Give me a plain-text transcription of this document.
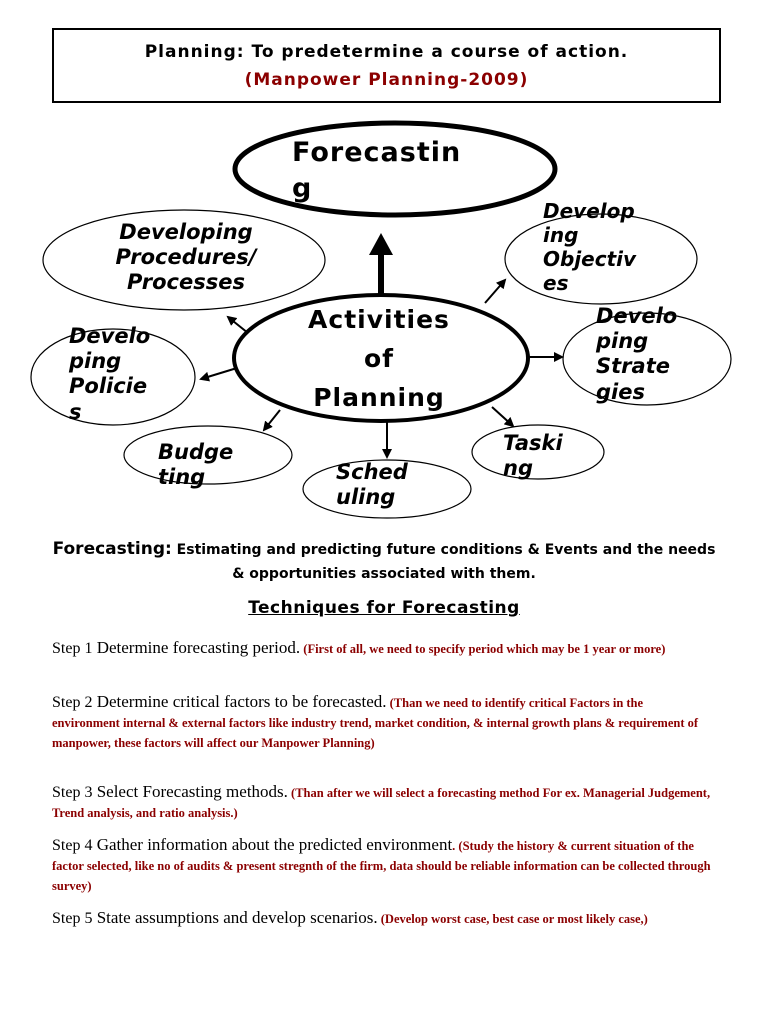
Planning: To predetermine a course of action.
(Manpower Planning-2009)
Forecastin
g
Developing
Procedures/
Processes
Develop
ing
Objectiv
es
Develo
ping
Policie
s
Activities
of
Planning
Develo
ping
Strate
gies
Budge
ting	Sched
uling
Taski
ng

Forecasting: Estimating and predicting future conditions & Events and the needs & opportunities associated with them.

Techniques for Forecasting

Step 1 Determine forecasting period. (First of all, we need to specify period which may be 1 year or more)

Step 2 Determine critical factors to be forecasted. (Than we need to identify critical Factors in the environment internal & external factors like industry trend, market condition, & internal growth plans & requirement of manpower, these factors will affect our Manpower Planning)

Step 3 Select Forecasting methods. (Than after we will select a forecasting method For ex. Managerial Judgement, Trend analysis, and ratio analysis.)

Step 4 Gather information about the predicted environment. (Study the history & current situation of the factor selected, like no of audits & present stregnth of the firm, data should be reliable information can be collected through survey)

Step 5 State assumptions and develop scenarios. (Develop worst case, best case or most likely case,)
